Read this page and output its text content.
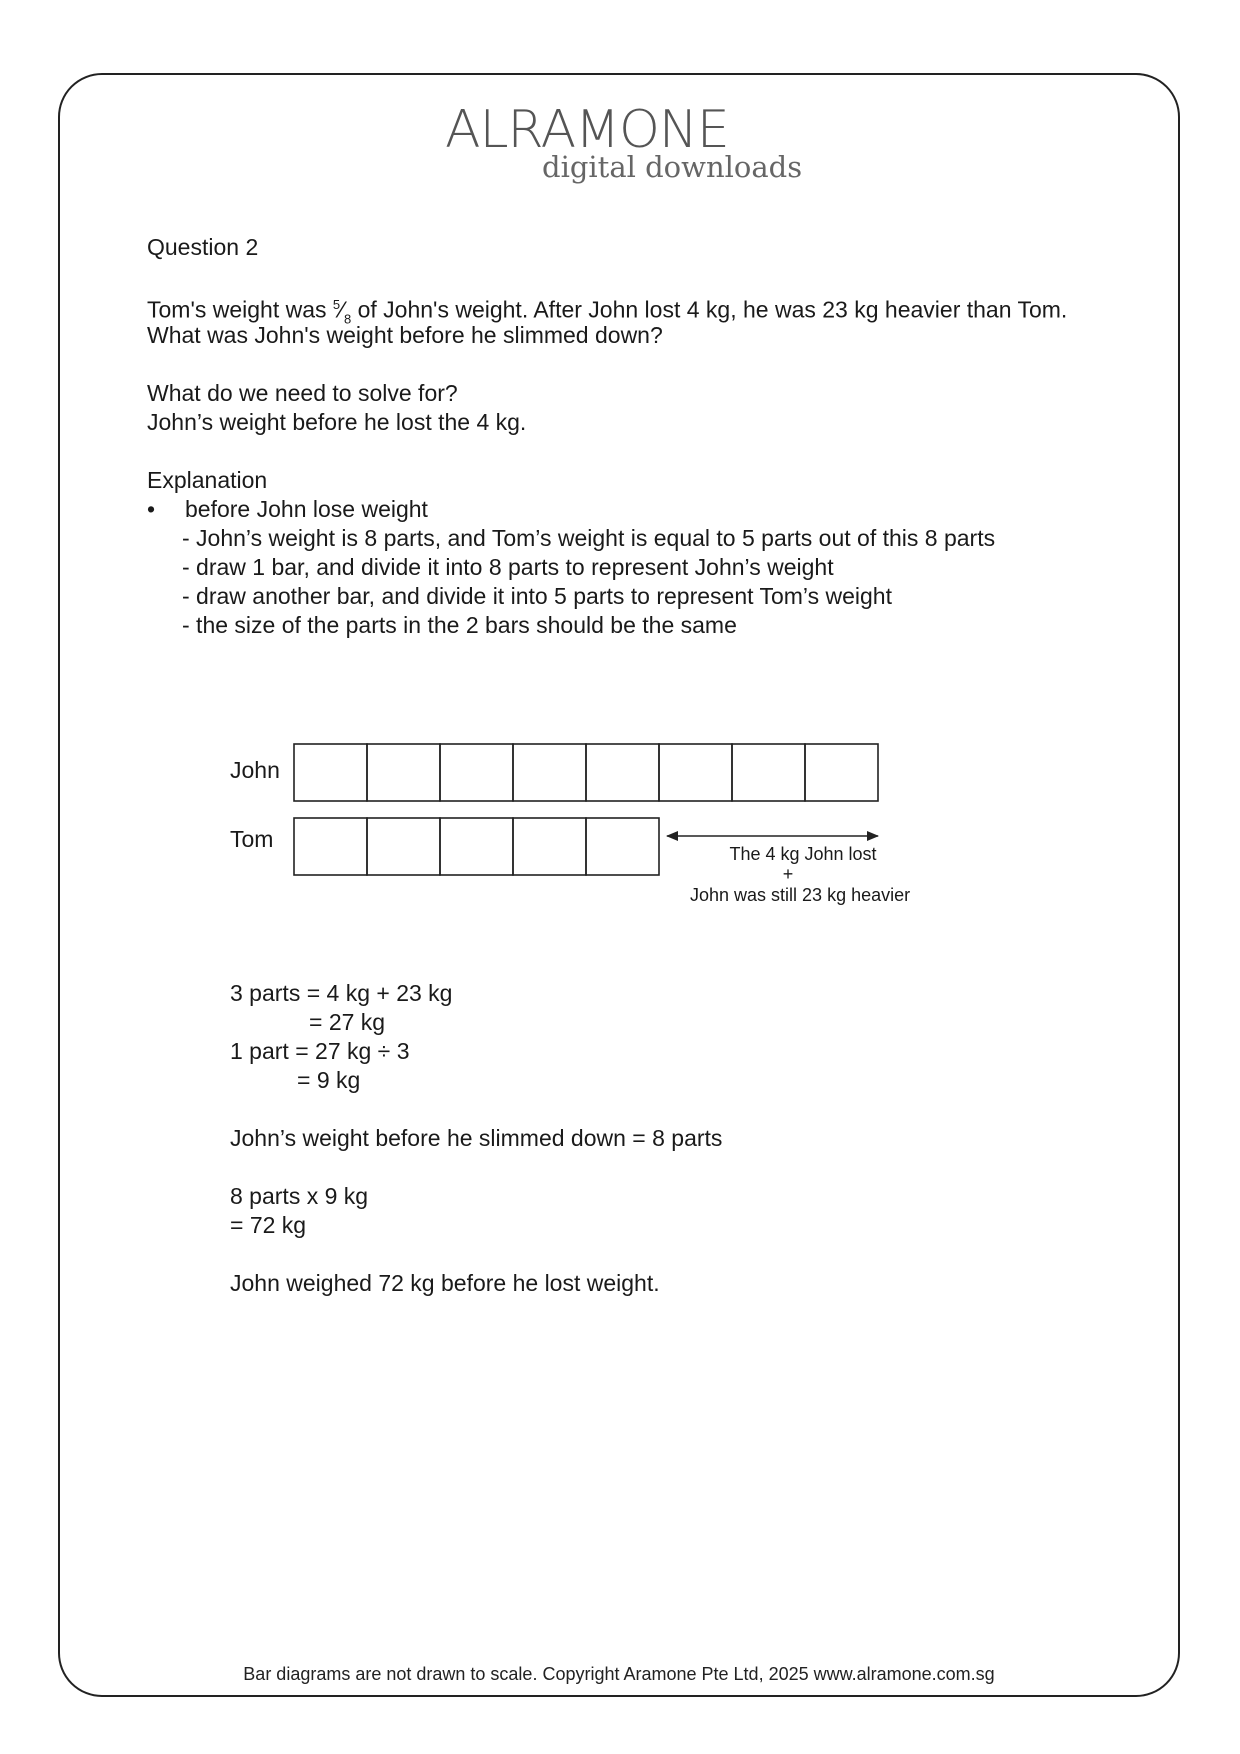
ALRAMONE
digital downloads
Question 2
Tom's weight was $^5⁄_8$ of John's weight. After John lost 4 kg, he was 23 kg heavier than Tom.
What was John's weight before he slimmed down?
What do we need to solve for?
John’s weight before he lost the 4 kg.
Explanation
• before John lose weight
- John’s weight is 8 parts, and Tom’s weight is equal to 5 parts out of this 8 parts
- draw 1 bar, and divide it into 8 parts to represent John’s weight
- draw another bar, and divide it into 5 parts to represent Tom’s weight
- the size of the parts in the 2 bars should be the same
John
Tom
The 4 kg John lost
+
John was still 23 kg heavier
3 parts = 4 kg + 23 kg
= 27 kg
1 part = 27 kg ÷ 3
= 9 kg
John’s weight before he slimmed down = 8 parts
8 parts x 9 kg
= 72 kg
John weighed 72 kg before he lost weight.
Bar diagrams are not drawn to scale. Copyright Aramone Pte Ltd, 2025 www.alramone.com.sg
